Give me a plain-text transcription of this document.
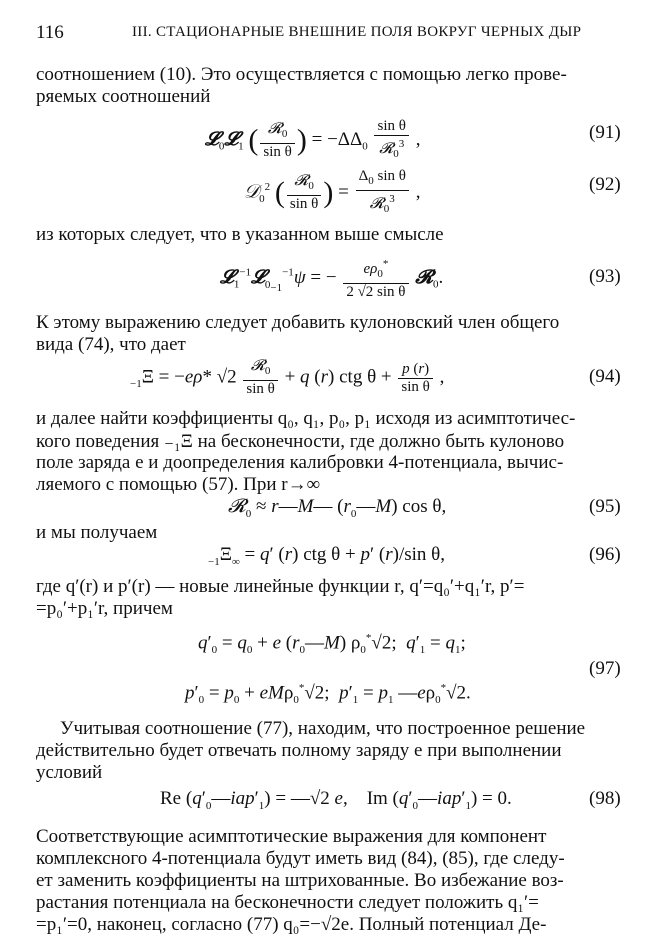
116	III. СТАЦИОНАРНЫЕ ВНЕШНИЕ ПОЛЯ ВОКРУГ ЧЕРНЫХ ДЫР
соотношением (10). Это осуществляется с помощью легко прове-
ряемых соотношений
𝓛$_0$𝓛$_1$ ( $\frac{𝓡_0}{\text{sin θ}}$ ) = $-\Delta\Delta_0 \frac{\text{sin θ}}{𝓡_0^3}$ ,	(91)
𝒟$_0^2$ ( $\frac{𝓡_0}{\text{sin θ}}$ ) = $\frac{\Delta_0 \sin \theta}{𝓡_0^3}$ ,	(92)
из которых следует, что в указанном выше смысле
𝓛$_1^{-1}$𝓛$_{0_{-1}}^{-1}$ψ = − $\frac{e\rho_0^*}{\text{2 √2 sin θ}}$ 𝓡$_0$.	(93)
К этому выражению следует добавить кулоновский член общего
вида (74), что дает
$_{-1}$Ξ = −eρ* $√2 \frac{𝓡_0}{\text{sin θ}} + q$ (r) ctg $\theta + \frac{p (r)}{\text{sin θ}}$ ,	(94)
и далее найти коэффициенты q₀, q₁, p₀, p₁ исходя из асимптотичес-
кого поведения ₋₁Ξ на бесконечности, где должно быть кулоново
поле заряда e и доопределения калибровки 4-потенциала, вычис-
ляемого с помощью (57). При r→∞
𝓡$_0$ ≈ r—M— $(r_0—M)$ cos θ,	(95)
и мы получаем
$_{-1}\Xi_\infty = q'$ (r) ctg θ + p′ (r)/sin θ,	(96)
где q′(r) и p′(r) — новые линейные функции r, q′=q₀′+q₁′r, p′=
=p₀′+p₁′r, причем
$q'_0 = q_0 + e$ $(r_0—M)$ $\rho_0^*√2$;  $q'_1 = q_1$;
(97)
$p'_0 = p_0 + eM\rho_0^*√2$;  $p'_1 = p_1$ $—e\rho_0^*√2$.
Учитывая соотношение (77), находим, что построенное решение
действительно будет отвечать полному заряду e при выполнении
условий
Re $(q'_0—iap'_1)$ = —√2 e,    Im $(q'_0—iap'_1) = 0$.	(98)
Соответствующие асимптотические выражения для компонент
комплексного 4-потенциала будут иметь вид (84), (85), где следу-
ет заменить коэффициенты на штрихованные. Во избежание воз-
растания потенциала на бесконечности следует положить q₁′=
=p₁′=0, наконец, согласно (77) q₀=−√2e. Полный потенциал Де-
